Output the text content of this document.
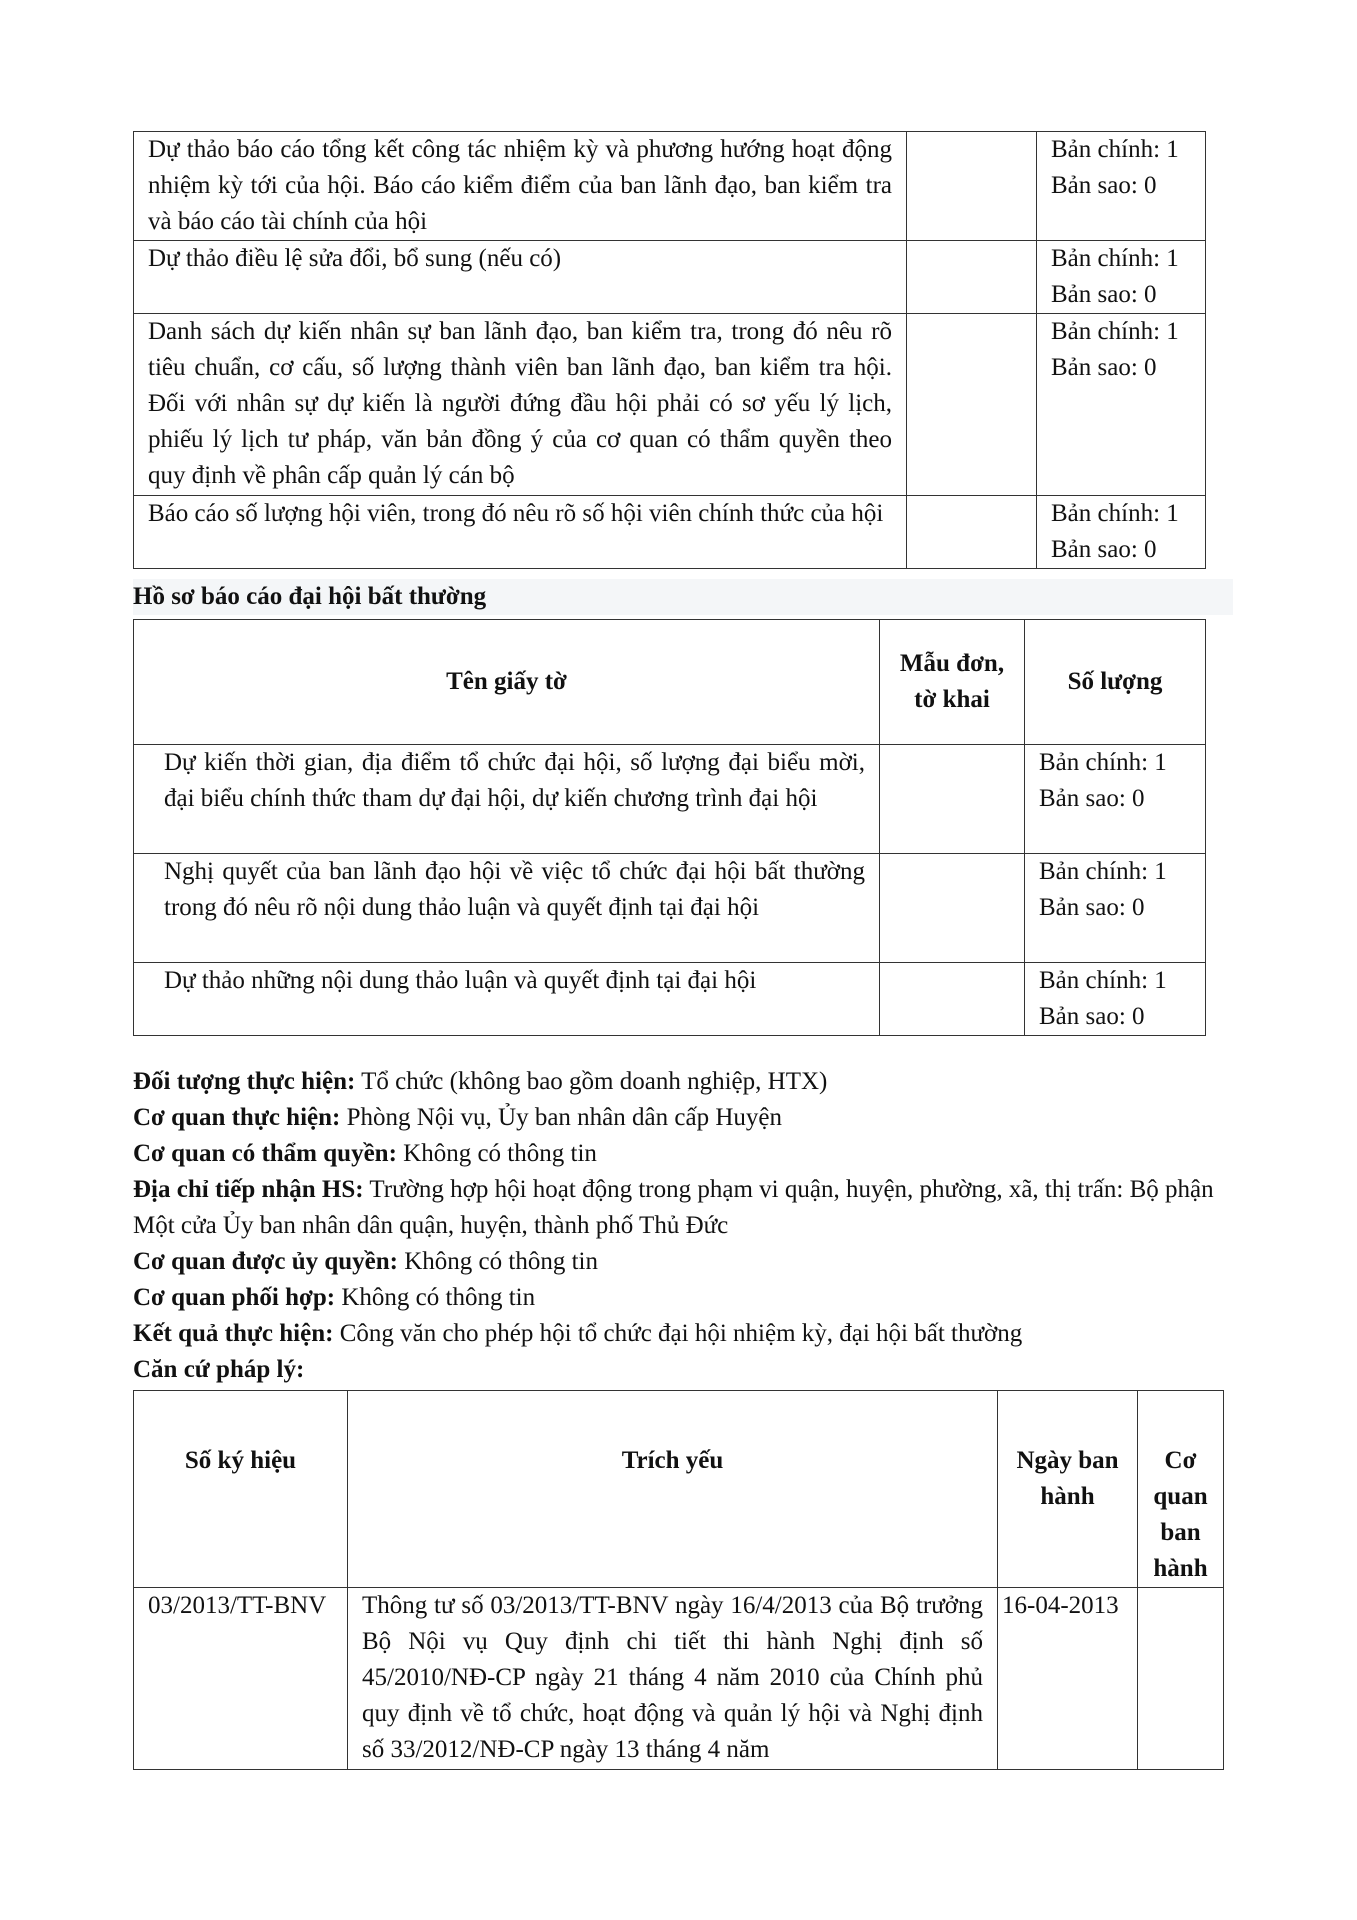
Dự thảo báo cáo tổng kết công tác nhiệm kỳ và phương hướng hoạt động nhiệm kỳ tới của hội. Báo cáo kiểm điểm của ban lãnh đạo, ban kiểm tra và báo cáo tài chính của hội		Bản chính: 1
Bản sao: 0

Dự thảo điều lệ sửa đổi, bổ sung (nếu có)		Bản chính: 1
Bản sao: 0

Danh sách dự kiến nhân sự ban lãnh đạo, ban kiểm tra, trong đó nêu rõ tiêu chuẩn, cơ cấu, số lượng thành viên ban lãnh đạo, ban kiểm tra hội. Đối với nhân sự dự kiến là người đứng đầu hội phải có sơ yếu lý lịch, phiếu lý lịch tư pháp, văn bản đồng ý của cơ quan có thẩm quyền theo quy định về phân cấp quản lý cán bộ		Bản chính: 1
Bản sao: 0

Báo cáo số lượng hội viên, trong đó nêu rõ số hội viên chính thức của hội		Bản chính: 1
Bản sao: 0
Hồ sơ báo cáo đại hội bất thường
Tên giấy tờ	Mẫu đơn, tờ khai	Số lượng
Dự kiến thời gian, địa điểm tổ chức đại hội, số lượng đại biểu mời, đại biểu chính thức tham dự đại hội, dự kiến chương trình đại hội		Bản chính: 1
Bản sao: 0

Nghị quyết của ban lãnh đạo hội về việc tổ chức đại hội bất thường trong đó nêu rõ nội dung thảo luận và quyết định tại đại hội		Bản chính: 1
Bản sao: 0

Dự thảo những nội dung thảo luận và quyết định tại đại hội		Bản chính: 1
Bản sao: 0

Đối tượng thực hiện: Tổ chức (không bao gồm doanh nghiệp, HTX)

Cơ quan thực hiện: Phòng Nội vụ, Ủy ban nhân dân cấp Huyện

Cơ quan có thẩm quyền: Không có thông tin

Địa chỉ tiếp nhận HS: Trường hợp hội hoạt động trong phạm vi quận, huyện, phường, xã, thị trấn: Bộ phận Một cửa Ủy ban nhân dân quận, huyện, thành phố Thủ Đức

Cơ quan được ủy quyền: Không có thông tin

Cơ quan phối hợp: Không có thông tin

Kết quả thực hiện: Công văn cho phép hội tổ chức đại hội nhiệm kỳ, đại hội bất thường

Căn cứ pháp lý:

Số ký hiệu	Trích yếu	Ngày ban hành	Cơ quan ban hành
03/2013/TT-BNV	Thông tư số 03/2013/TT-BNV ngày 16/4/2013 của Bộ trưởng Bộ Nội vụ Quy định chi tiết thi hành Nghị định số 45/2010/NĐ-CP ngày 21 tháng 4 năm 2010 của Chính phủ quy định về tổ chức, hoạt động và quản lý hội và Nghị định số 33/2012/NĐ-CP ngày 13 tháng 4 năm	16-04-2013	
